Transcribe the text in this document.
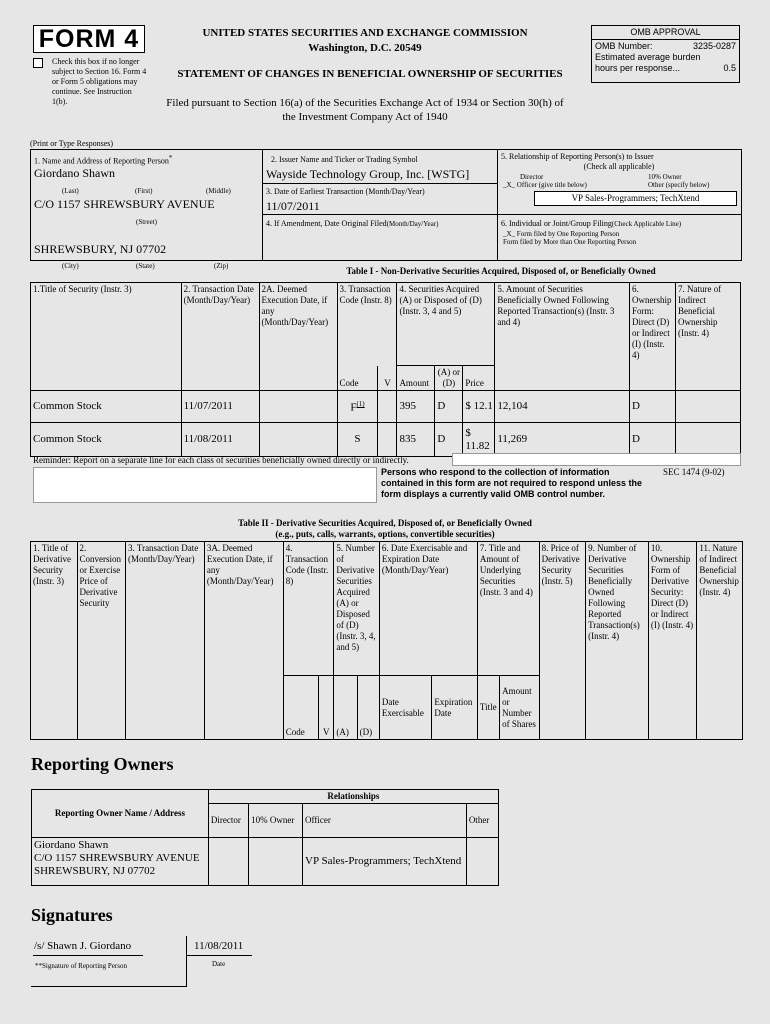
FORM 4
Check this box if no longer subject to Section 16. Form 4 or Form 5 obligations may continue. See Instruction 1(b).
UNITED STATES SECURITIES AND EXCHANGE COMMISSION
Washington, D.C. 20549
STATEMENT OF CHANGES IN BENEFICIAL OWNERSHIP OF SECURITIES
Filed pursuant to Section 16(a) of the Securities Exchange Act of 1934 or Section 30(h) of
the Investment Company Act of 1940
OMB APPROVAL
OMB Number:	3235-0287
Estimated average burden
hours per response...	0.5
(Print or Type Responses)
1. Name and Address of Reporting Person*
Giordano Shawn
(Last)	(First)	(Middle)
C/O 1157 SHREWSBURY AVENUE
(Street)
SHREWSBURY, NJ 07702
(City)	(State)	(Zip)
2. Issuer Name and Ticker or Trading Symbol
Wayside Technology Group, Inc. [WSTG]
3. Date of Earliest Transaction (Month/Day/Year)
11/07/2011
4. If Amendment, Date Original Filed(Month/Day/Year)
5. Relationship of Reporting Person(s) to Issuer
(Check all applicable)
Director	10% Owner
_X_ Officer (give title below)	Other (specify below)
VP Sales-Programmers; TechXtend
6. Individual or Joint/Group Filing(Check Applicable Line)
_X_ Form filed by One Reporting Person
Form filed by More than One Reporting Person
Table I - Non-Derivative Securities Acquired, Disposed of, or Beneficially Owned
1.Title of Security (Instr. 3)	2. Transaction Date (Month/Day/Year)	2A. Deemed Execution Date, if any (Month/Day/Year)	3. Transaction Code (Instr. 8)		4. Securities Acquired (A) or Disposed of (D) (Instr. 3, 4 and 5)			5. Amount of Securities Beneficially Owned Following Reported Transaction(s) (Instr. 3 and 4)	6. Ownership Form: Direct (D) or Indirect (I) (Instr. 4)	7. Nature of Indirect Beneficial Ownership (Instr. 4)
			Code	V	Amount	(A) or (D)	Price			
Common Stock	11/07/2011		$F^{(1)}$		395	D	$ 12.1	12,104	D	
Common Stock	11/08/2011		S		835	D	$ 11.82	11,269	D	
Reminder: Report on a separate line for each class of securities beneficially owned directly or indirectly.
Persons who respond to the collection of information contained in this form are not required to respond unless the form displays a currently valid OMB control number.
SEC 1474 (9-02)
Table II - Derivative Securities Acquired, Disposed of, or Beneficially Owned
(e.g., puts, calls, warrants, options, convertible securities)
1. Title of Derivative Security (Instr. 3)	2. Conversion or Exercise Price of Derivative Security	3. Transaction Date (Month/Day/Year)	3A. Deemed Execution Date, if any (Month/Day/Year)	4. Transaction Code (Instr. 8)		5. Number of Derivative Securities Acquired (A) or Disposed of (D) (Instr. 3, 4, and 5)		6. Date Exercisable and Expiration Date (Month/Day/Year)		7. Title and Amount of Underlying Securities (Instr. 3 and 4)		8. Price of Derivative Security (Instr. 5)	9. Number of Derivative Securities Beneficially Owned Following Reported Transaction(s) (Instr. 4)	10. Ownership Form of Derivative Security: Direct (D) or Indirect (I) (Instr. 4)	11. Nature of Indirect Beneficial Ownership (Instr. 4)
				Code	V	(A)	(D)	Date Exercisable	Expiration Date	Title	Amount or Number of Shares				
Reporting Owners
Reporting Owner Name / Address	Relationships			
	Director	10% Owner	Officer	Other

Giordano Shawn
C/O 1157 SHREWSBURY AVENUE
SHREWSBURY, NJ 07702			VP Sales-Programmers; TechXtend	
Signatures
/s/ Shawn J. Giordano
**Signature of Reporting Person
11/08/2011
Date
